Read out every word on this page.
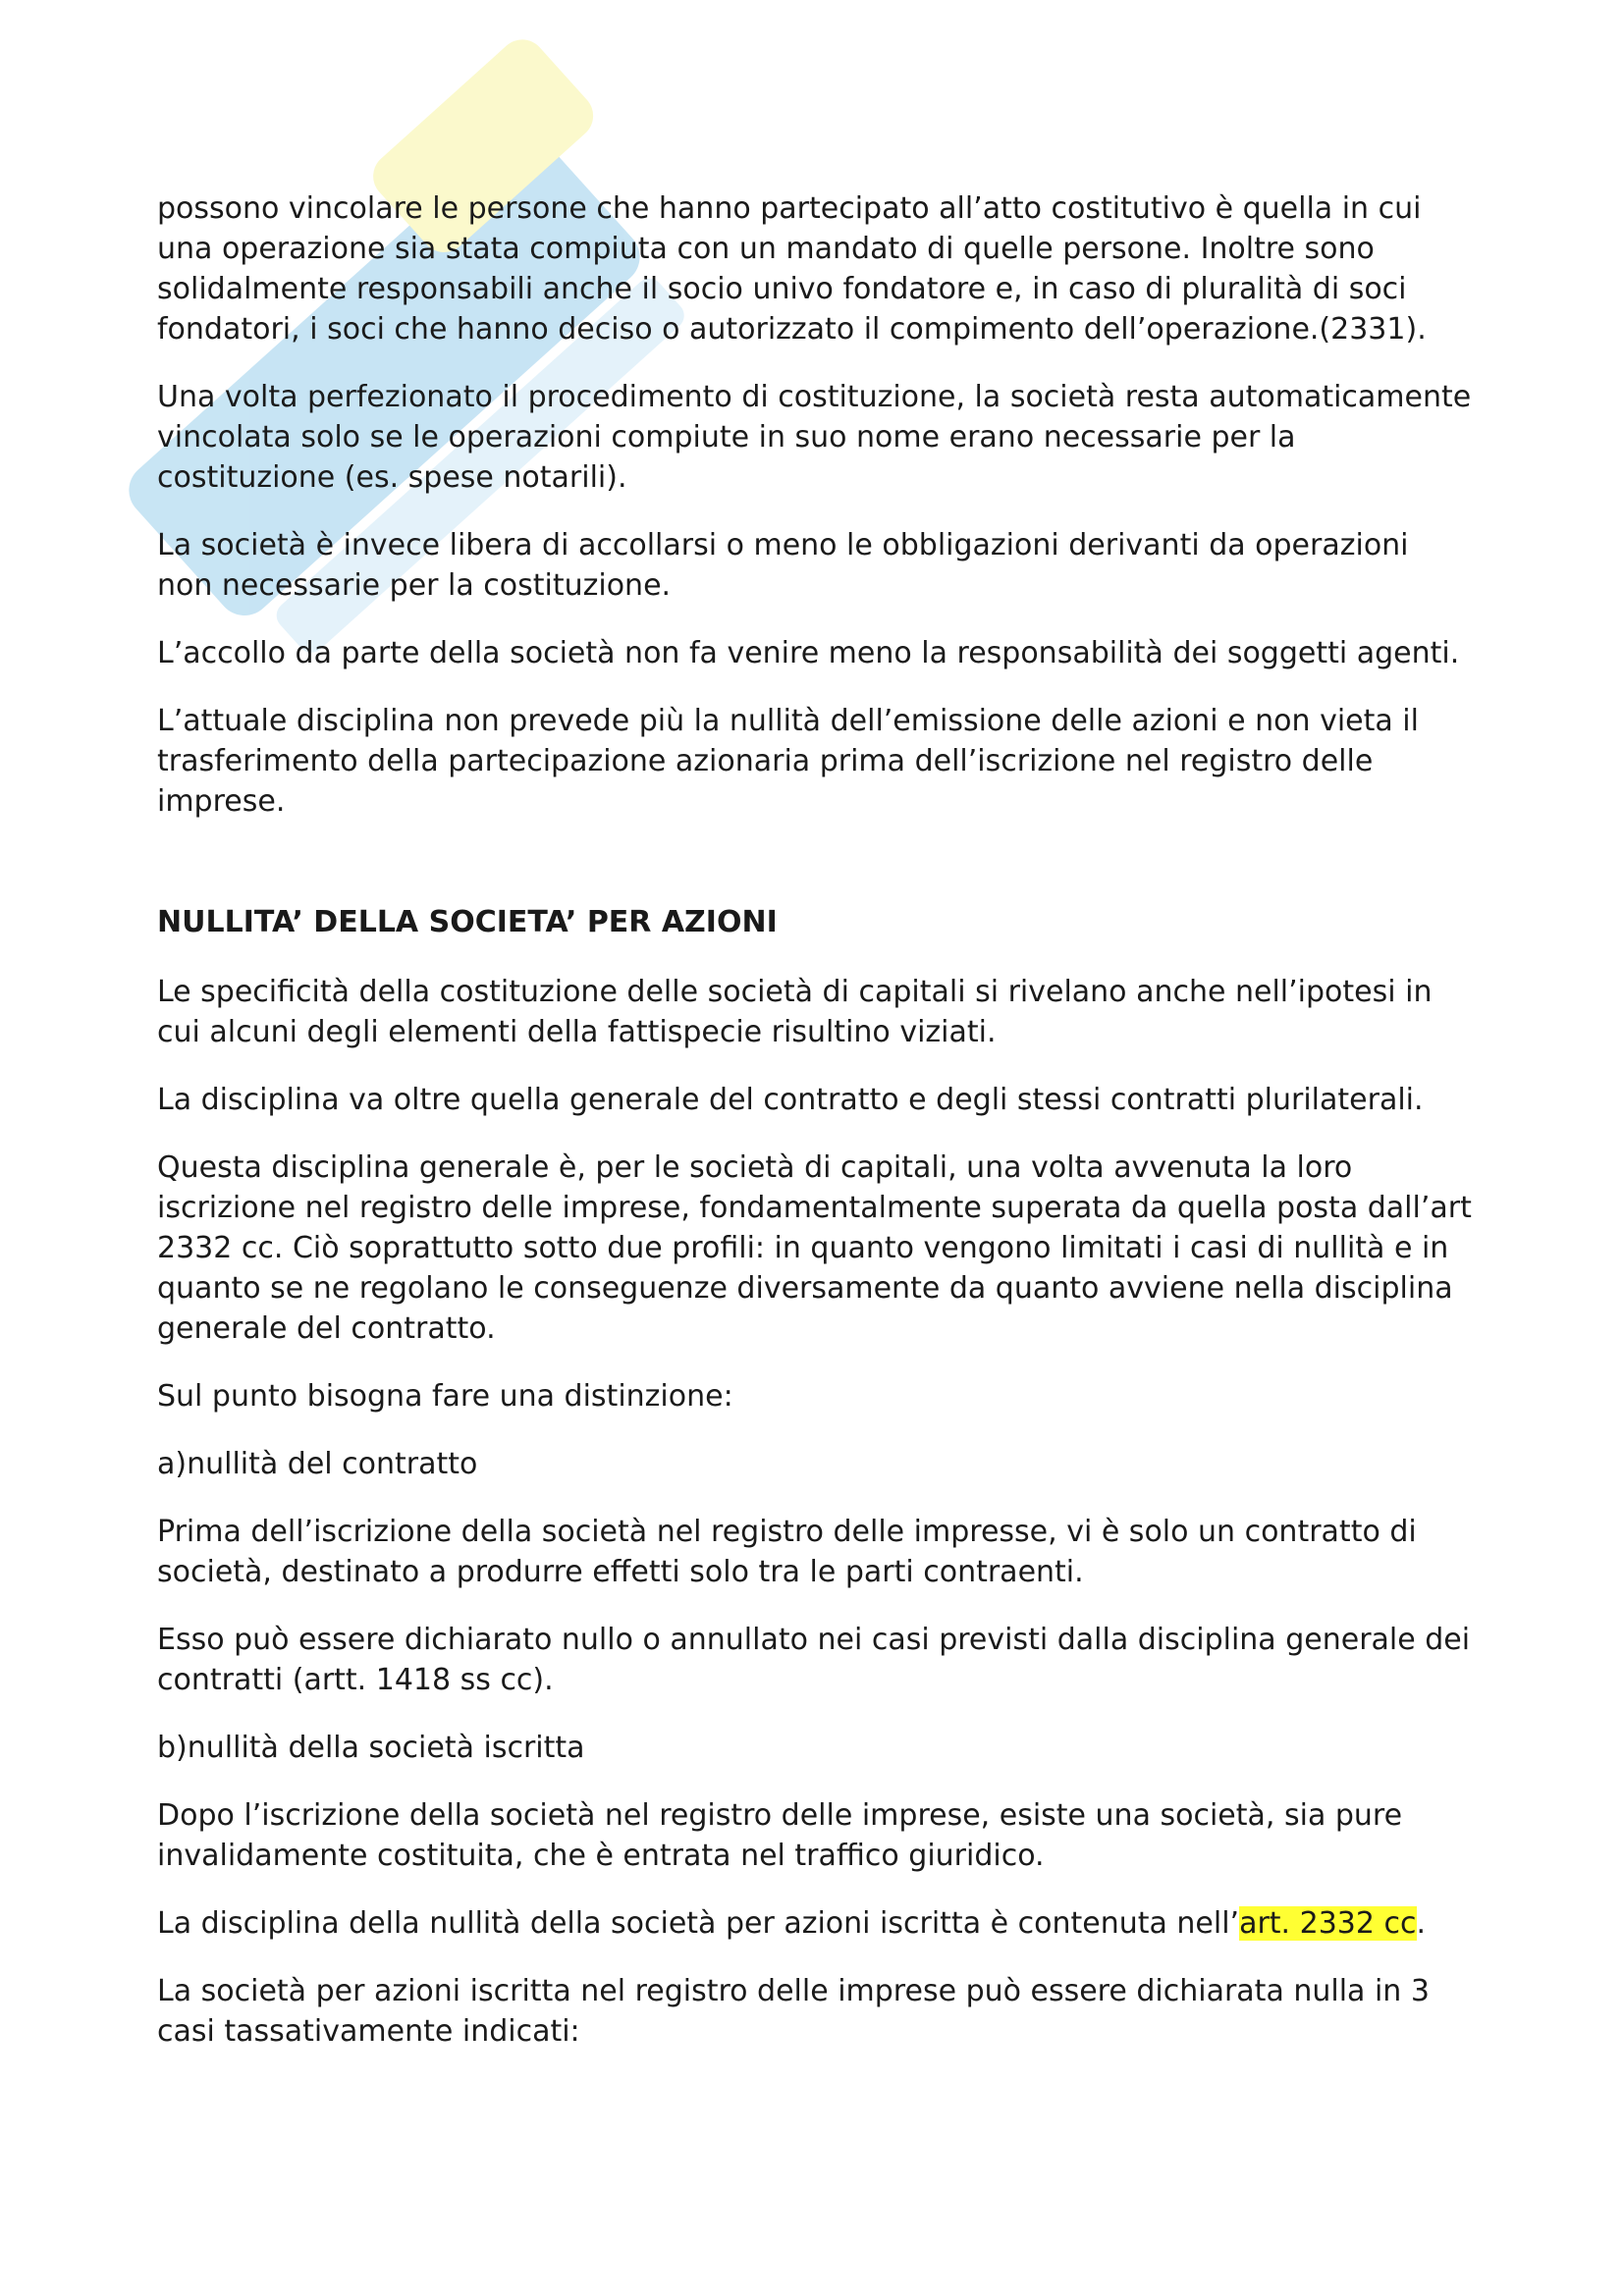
possono vincolare le persone che hanno partecipato all’atto costitutivo è quella in cui una operazione sia stata compiuta con un mandato di quelle persone. Inoltre sono solidalmente responsabili anche il socio univo fondatore e, in caso di pluralità di soci fondatori, i soci che hanno deciso o autorizzato il compimento dell’operazione.(2331).

Una volta perfezionato il procedimento di costituzione, la società resta automaticamente vincolata solo se le operazioni compiute in suo nome erano necessarie per la costituzione (es. spese notarili).

La società è invece libera di accollarsi o meno le obbligazioni derivanti da operazioni non necessarie per la costituzione.

L’accollo da parte della società non fa venire meno la responsabilità dei soggetti agenti.

L’attuale disciplina non prevede più la nullità dell’emissione delle azioni e non vieta il trasferimento della partecipazione azionaria prima dell’iscrizione nel registro delle imprese.

NULLITA’ DELLA SOCIETA’ PER AZIONI

Le specificità della costituzione delle società di capitali si rivelano anche nell’ipotesi in cui alcuni degli elementi della fattispecie risultino viziati.

La disciplina va oltre quella generale del contratto e degli stessi contratti plurilaterali.

Questa disciplina generale è, per le società di capitali, una volta avvenuta la loro iscrizione nel registro delle imprese, fondamentalmente superata da quella posta dall’art 2332 cc. Ciò soprattutto sotto due profili: in quanto vengono limitati i casi di nullità e in quanto se ne regolano le conseguenze diversamente da quanto avviene nella disciplina generale del contratto.

Sul punto bisogna fare una distinzione:

a)nullità del contratto

Prima dell’iscrizione della società nel registro delle impresse, vi è solo un contratto di società, destinato a produrre effetti solo tra le parti contraenti.

Esso può essere dichiarato nullo o annullato nei casi previsti dalla disciplina generale dei contratti (artt. 1418 ss cc).

b)nullità della società iscritta

Dopo l’iscrizione della società nel registro delle imprese, esiste una società, sia pure invalidamente costituita, che è entrata nel traffico giuridico.

La disciplina della nullità della società per azioni iscritta è contenuta nell’art. 2332 cc.

La società per azioni iscritta nel registro delle imprese può essere dichiarata nulla in 3 casi tassativamente indicati:
